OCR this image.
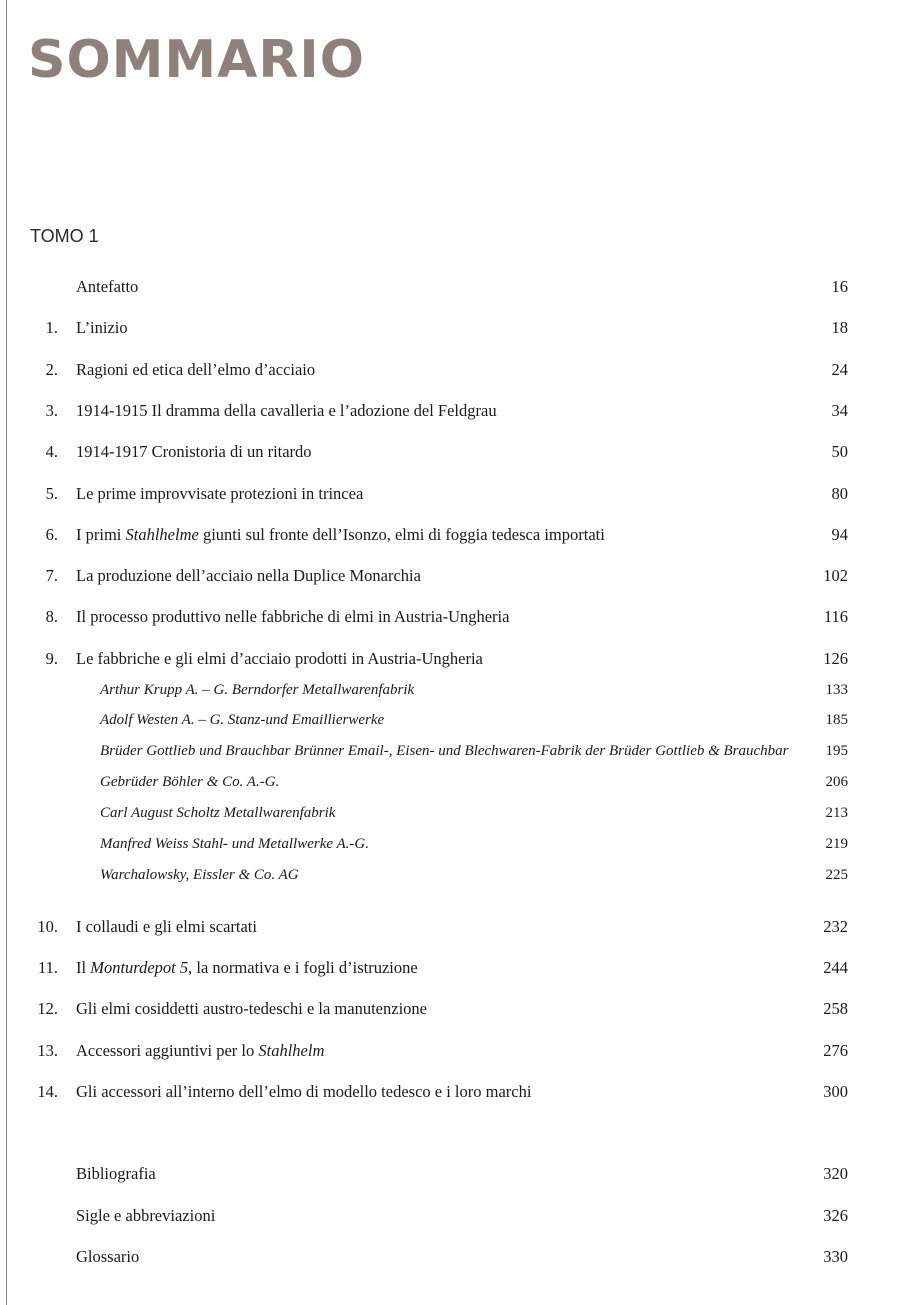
SOMMARIO
TOMO 1
Antefatto	16
1. L’inizio	18
2. Ragioni ed etica dell’elmo d’acciaio	24
3. 1914-1915 Il dramma della cavalleria e l’adozione del Feldgrau	34
4. 1914-1917 Cronistoria di un ritardo	50
5. Le prime improvvisate protezioni in trincea	80
6. I primi Stahlhelme giunti sul fronte dell’Isonzo, elmi di foggia tedesca importati	94
7. La produzione dell’acciaio nella Duplice Monarchia	102
8. Il processo produttivo nelle fabbriche di elmi in Austria-Ungheria	116
9. Le fabbriche e gli elmi d’acciaio prodotti in Austria-Ungheria	126
Arthur Krupp A. – G. Berndorfer Metallwarenfabrik	133
Adolf Westen A. – G. Stanz-und Emaillierwerke	185
Brüder Gottlieb und Brauchbar Brünner Email-, Eisen- und Blechwaren-Fabrik der Brüder Gottlieb & Brauchbar 195
Gebrüder Böhler & Co. A.-G.	206
Carl August Scholtz Metallwarenfabrik	213
Manfred Weiss Stahl- und Metallwerke A.-G.	219
Warchalowsky, Eissler & Co. AG	225
10. I collaudi e gli elmi scartati	232
11. Il Monturdepot 5, la normativa e i fogli d’istruzione	244
12. Gli elmi cosiddetti austro-tedeschi e la manutenzione	258
13. Accessori aggiuntivi per lo Stahlhelm	276
14. Gli accessori all’interno dell’elmo di modello tedesco e i loro marchi	300
Bibliografia	320
Sigle e abbreviazioni	326
Glossario	330
